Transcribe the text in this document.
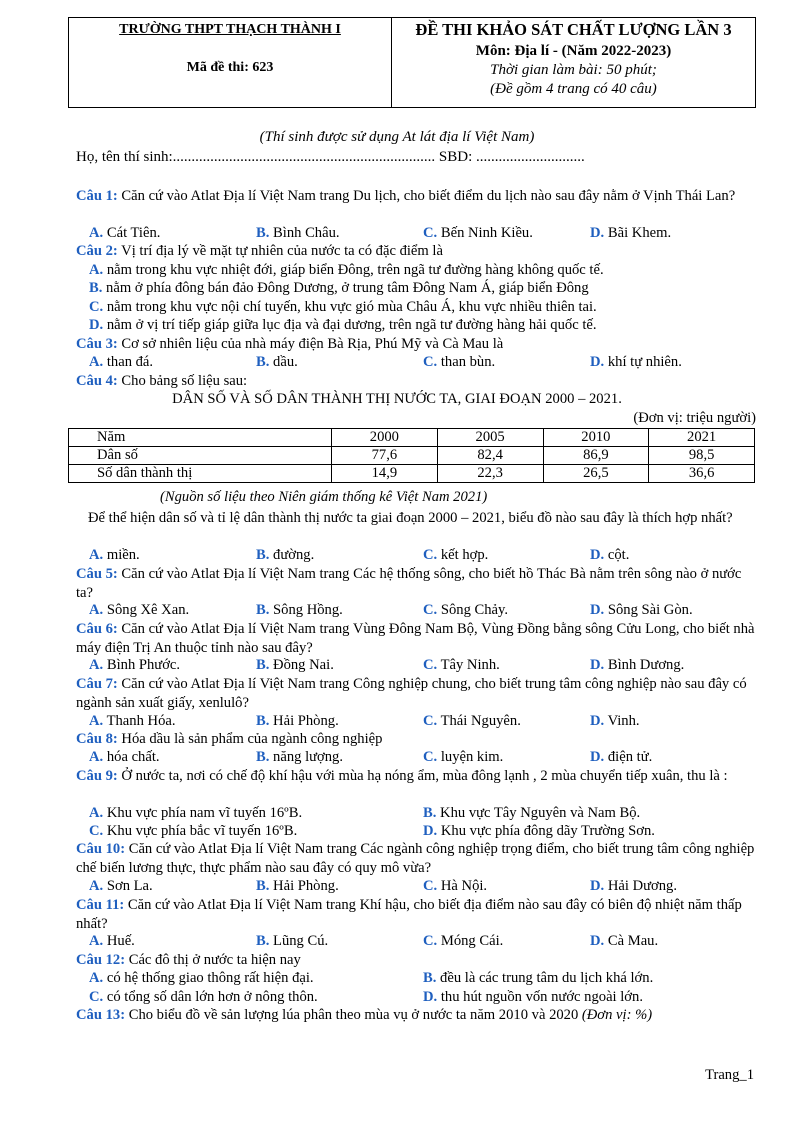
TRƯỜNG THPT THẠCH THÀNH I
Mã đề thi: 623
ĐỀ THI KHẢO SÁT CHẤT LƯỢNG LẦN 3
Môn: Địa lí - (Năm 2022-2023)
Thời gian làm bài: 50 phút;
(Đề gồm 4 trang có 40 câu)
(Thí sinh được sử dụng At lát địa lí Việt Nam)
Họ, tên thí sinh:...................................................................... SBD: .............................
Câu 1: Căn cứ vào Atlat Địa lí Việt Nam trang Du lịch, cho biết điểm du lịch nào sau đây nằm ở Vịnh Thái Lan?
A. Cát Tiên.	B. Bình Châu.	C. Bến Ninh Kiều.	D. Bãi Khem.
Câu 2: Vị trí địa lý về mặt tự nhiên của nước ta có đặc điểm là
A. nằm trong khu vực nhiệt đới, giáp biển Đông, trên ngã tư đường hàng không quốc tế.
B. nằm ở phía đông bán đảo Đông Dương, ở trung tâm Đông Nam Á, giáp biển Đông
C. nằm trong khu vực nội chí tuyến, khu vực gió mùa Châu Á, khu vực nhiều thiên tai.
D. nằm ở vị trí tiếp giáp giữa lục địa và đại dương, trên ngã tư đường hàng hải quốc tế.
Câu 3: Cơ sở nhiên liệu của nhà máy điện Bà Rịa, Phú Mỹ và Cà Mau là
A. than đá.	B. dầu.	C. than bùn.	D. khí tự nhiên.
Câu 4: Cho bảng số liệu sau:
DÂN SỐ VÀ SỐ DÂN THÀNH THỊ NƯỚC TA, GIAI ĐOẠN 2000 – 2021.
(Đơn vị: triệu người)
Năm	2000	2005	2010	2021
Dân số	77,6	82,4	86,9	98,5
Số dân thành thị	14,9	22,3	26,5	36,6
(Nguồn số liệu theo Niên giám thống kê Việt Nam 2021)
Để thể hiện dân số và tỉ lệ dân thành thị nước ta giai đoạn 2000 – 2021, biểu đồ nào sau đây là thích hợp nhất?
A. miền.	B. đường.	C. kết hợp.	D. cột.
Câu 5: Căn cứ vào Atlat Địa lí Việt Nam trang Các hệ thống sông, cho biết hồ Thác Bà nằm trên sông nào ở nước ta?
A. Sông Xê Xan.	B. Sông Hồng.	C. Sông Chảy.	D. Sông Sài Gòn.
Câu 6: Căn cứ vào Atlat Địa lí Việt Nam trang Vùng Đông Nam Bộ, Vùng Đồng bằng sông Cửu Long, cho biết nhà máy điện Trị An thuộc tỉnh nào sau đây?
A. Bình Phước.	B. Đồng Nai.	C. Tây Ninh.	D. Bình Dương.
Câu 7: Căn cứ vào Atlat Địa lí Việt Nam trang Công nghiệp chung, cho biết trung tâm công nghiệp nào sau đây có ngành sản xuất giấy, xenlulô?
A. Thanh Hóa.	B. Hải Phòng.	C. Thái Nguyên.	D. Vinh.
Câu 8: Hóa dầu là sản phẩm của ngành công nghiệp
A. hóa chất.	B. năng lượng.	C. luyện kim.	D. điện tử.
Câu 9: Ở nước ta, nơi có chế độ khí hậu với mùa hạ nóng ẩm, mùa đông lạnh , 2 mùa chuyển tiếp xuân, thu là :
A. Khu vực phía nam vĩ tuyến 16ºB.	B. Khu vực Tây Nguyên và Nam Bộ.
C. Khu vực phía bắc vĩ tuyến 16ºB.	D. Khu vực phía đông dãy Trường Sơn.
Câu 10: Căn cứ vào Atlat Địa lí Việt Nam trang Các ngành công nghiệp trọng điểm, cho biết trung tâm công nghiệp chế biến lương thực, thực phẩm nào sau đây có quy mô vừa?
A. Sơn La.	B. Hải Phòng.	C. Hà Nội.	D. Hải Dương.
Câu 11: Căn cứ vào Atlat Địa lí Việt Nam trang Khí hậu, cho biết địa điểm nào sau đây có biên độ nhiệt năm thấp nhất?
A. Huế.	B. Lũng Cú.	C. Móng Cái.	D. Cà Mau.
Câu 12: Các đô thị ở nước ta hiện nay
A. có hệ thống giao thông rất hiện đại.	B. đều là các trung tâm du lịch khá lớn.
C. có tổng số dân lớn hơn ở nông thôn.	D. thu hút nguồn vốn nước ngoài lớn.
Câu 13: Cho biểu đồ về sản lượng lúa phân theo mùa vụ ở nước ta năm 2010 và 2020 (Đơn vị: %)
Trang_1
